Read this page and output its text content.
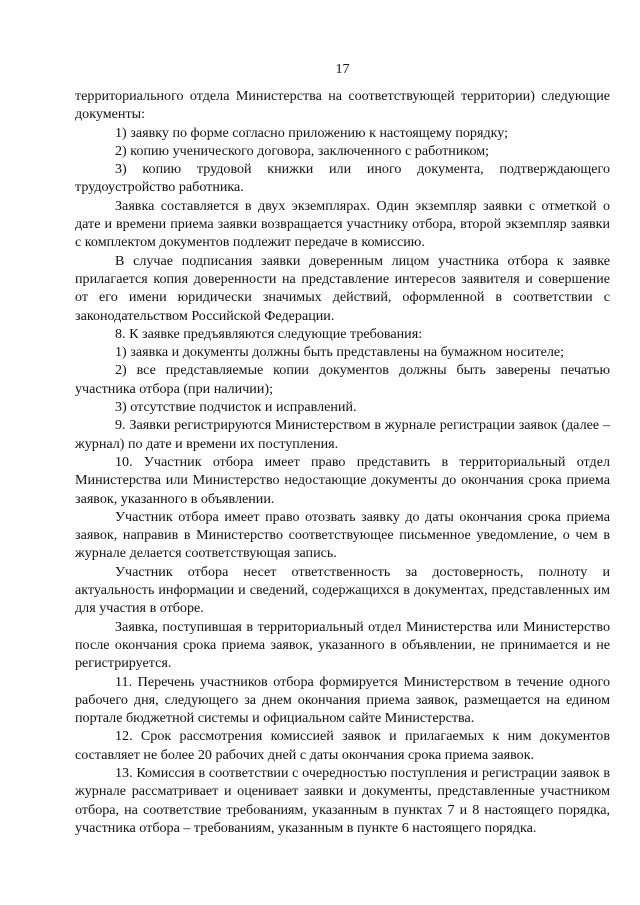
17

территориального отдела Министерства на соответствующей территории) следующие документы:

1) заявку по форме согласно приложению к настоящему порядку;

2) копию ученического договора, заключенного с работником;

3) копию трудовой книжки или иного документа, подтверждающего трудоустройство работника.

Заявка составляется в двух экземплярах. Один экземпляр заявки с отметкой о дате и времени приема заявки возвращается участнику отбора, второй экземпляр заявки с комплектом документов подлежит передаче в комиссию.

В случае подписания заявки доверенным лицом участника отбора к заявке прилагается копия доверенности на представление интересов заявителя и совершение от его имени юридически значимых действий, оформленной в соответствии с законодательством Российской Федерации.

8. К заявке предъявляются следующие требования:

1) заявка и документы должны быть представлены на бумажном носителе;

2) все представляемые копии документов должны быть заверены печатью участника отбора (при наличии);

3) отсутствие подчисток и исправлений.

9. Заявки регистрируются Министерством в журнале регистрации заявок (далее – журнал) по дате и времени их поступления.

10. Участник отбора имеет право представить в территориальный отдел Министерства или Министерство недостающие документы до окончания срока приема заявок, указанного в объявлении.

Участник отбора имеет право отозвать заявку до даты окончания срока приема заявок, направив в Министерство соответствующее письменное уведомление, о чем в журнале делается соответствующая запись.

Участник отбора несет ответственность за достоверность, полноту и актуальность информации и сведений, содержащихся в документах, представленных им для участия в отборе.

Заявка, поступившая в территориальный отдел Министерства или Министерство после окончания срока приема заявок, указанного в объявлении, не принимается и не регистрируется.

11. Перечень участников отбора формируется Министерством в течение одного рабочего дня, следующего за днем окончания приема заявок, размещается на едином портале бюджетной системы и официальном сайте Министерства.

12. Срок рассмотрения комиссией заявок и прилагаемых к ним документов составляет не более 20 рабочих дней с даты окончания срока приема заявок.

13. Комиссия в соответствии с очередностью поступления и регистрации заявок в журнале рассматривает и оценивает заявки и документы, представленные участником отбора, на соответствие требованиям, указанным в пунктах 7 и 8 настоящего порядка, участника отбора – требованиям, указанным в пункте 6 настоящего порядка.
